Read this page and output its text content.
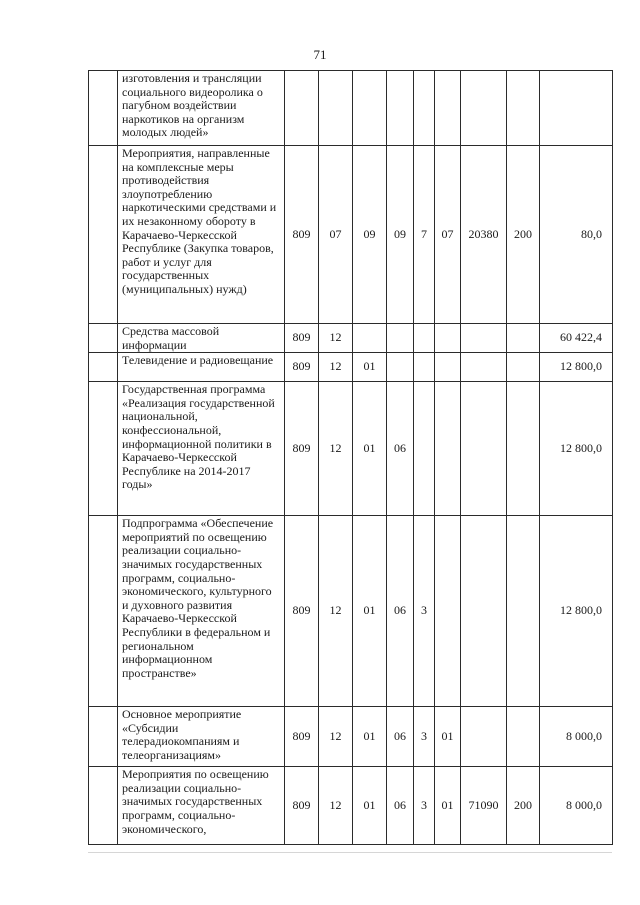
71
	изготовления и трансляции социального видеоролика о пагубном воздействии наркотиков на организм молодых людей»									
	Мероприятия, направленные на комплексные меры противодействия злоупотреблению наркотическими средствами и их незаконному обороту в Карачаево-Черкесской Республике (Закупка товаров, работ и услуг для государственных (муниципальных) нужд)	809	07	09	09	7	07	20380	200	80,0
	Средства массовой информации	809	12							60 422,4
	Телевидение и радиовещание	809	12	01						12 800,0
	Государственная программа «Реализация государственной национальной, конфессиональной, информационной политики в Карачаево-Черкесской Республике на 2014-2017 годы»	809	12	01	06					12 800,0
	Подпрограмма «Обеспечение мероприятий по освещению реализации социально-значимых государственных программ, социально-экономического, культурного и духовного развития Карачаево-Черкесской Республики в федеральном и региональном информационном пространстве»	809	12	01	06	3				12 800,0
	Основное мероприятие «Субсидии телерадиокомпаниям и телеорганизациям»	809	12	01	06	3	01			8 000,0
	Мероприятия по освещению реализации социально-значимых государственных программ, социально-экономического,	809	12	01	06	3	01	71090	200	8 000,0
